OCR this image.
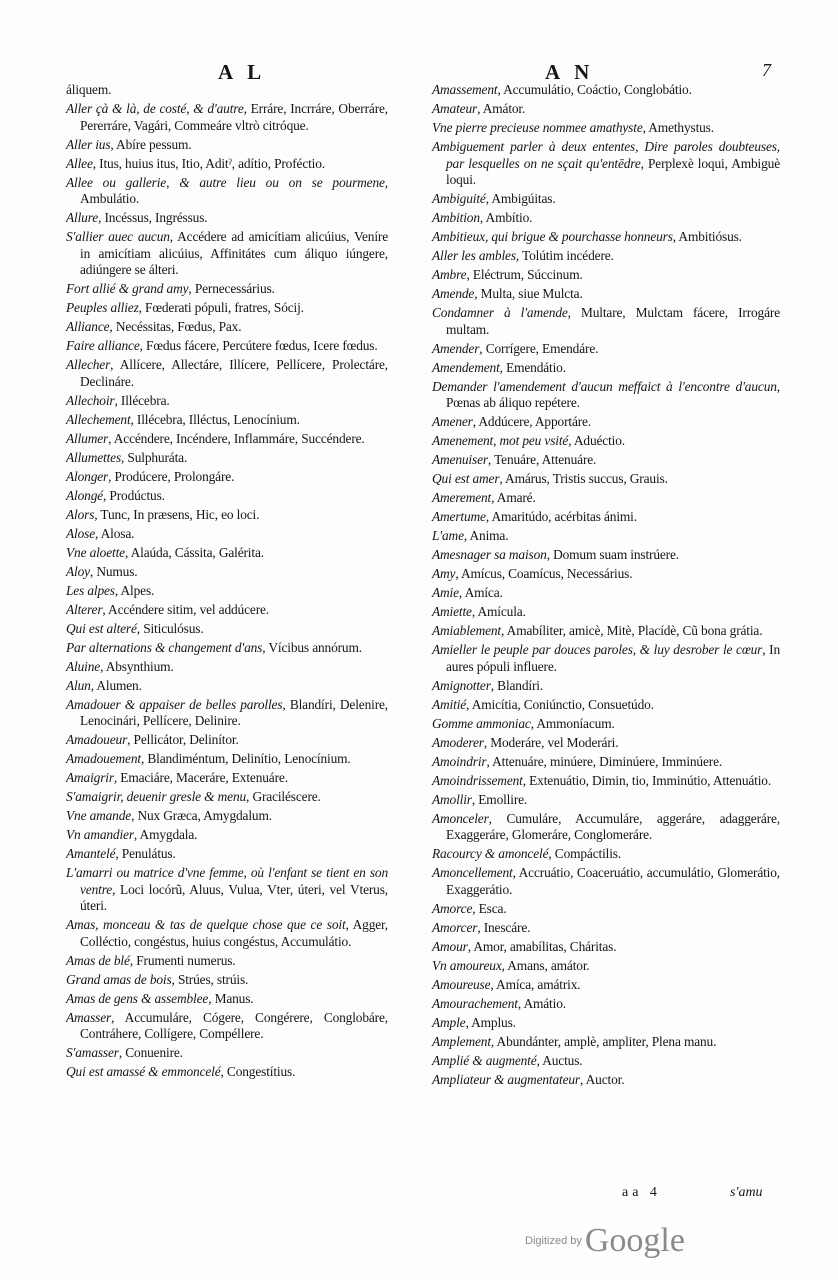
AL	AN	7

áliquem.

Aller çà & là, de costé, & d'autre, Erráre, Incrráre, Oberráre, Pererráre, Vagári, Commeáre vltrò citróque.

Aller ius, Abíre pessum.

Allee, Itus, huius itus, Itio, Aditˀ, adítio, Proféctio.

Allee ou gallerie, & autre lieu ou on se pourmene, Ambulátio.

Allure, Incéssus, Ingréssus.

S'allier auec aucun, Accédere ad amicítiam alicúius, Veníre in amicítiam alicúius, Affinitátes cum áliquo iúngere, adiúngere se álteri.

Fort allié & grand amy, Pernecessárius.

Peuples alliez, Fœderati pópuli, fratres, Sócij.

Alliance, Necéssitas, Fœdus, Pax.

Faire alliance, Fœdus fácere, Percútere fœdus, Icere fœdus.

Allecher, Allícere, Allectáre, Illícere, Pellícere, Prolectáre, Declináre.

Allechoir, Illécebra.

Allechement, Illécebra, Illéctus, Lenocínium.

Allumer, Accéndere, Incéndere, Inflammáre, Succéndere.

Allumettes, Sulphuráta.

Alonger, Prodúcere, Prolongáre.

Alongé, Prodúctus.

Alors, Tunc, In præsens, Hic, eo loci.

Alose, Alosa.

Vne aloette, Alaúda, Cássita, Galérita.

Aloy, Numus.

Les alpes, Alpes.

Alterer, Accéndere sitim, vel addúcere.

Qui est alteré, Siticulósus.

Par alternations & changement d'ans, Vícibus annórum.

Aluine, Absynthium.

Alun, Alumen.

Amadouer & appaiser de belles parolles, Blandíri, Delenire, Lenocinári, Pellícere, Delinire.

Amadoueur, Pellicátor, Delinítor.

Amadouement, Blandiméntum, Delinítio, Lenocínium.

Amaigrir, Emaciáre, Maceráre, Extenuáre.

S'amaigrir, deuenir gresle & menu, Graciléscere.

Vne amande, Nux Græca, Amygdalum.

Vn amandier, Amygdala.

Amantelé, Penulátus.

L'amarri ou matrice d'vne femme, où l'enfant se tient en son ventre, Loci locórũ, Aluus, Vulua, Vter, úteri, vel Vterus, úteri.

Amas, monceau & tas de quelque chose que ce soit, Agger, Colléctio, congéstus, huius congéstus, Accumulátio.

Amas de blé, Frumenti numerus.

Grand amas de bois, Strúes, strúis.

Amas de gens & assemblee, Manus.

Amasser, Accumuláre, Cógere, Congérere, Conglobáre, Contráhere, Collígere, Compéllere.

S'amasser, Conuenire.

Qui est amassé & emmoncelé, Congestítius.

Amassement, Accumulátio, Coáctio, Conglobátio.

Amateur, Amátor.

Vne pierre precieuse nommee amathyste, Amethystus.

Ambiguement parler à deux ententes, Dire paroles doubteuses, par lesquelles on ne sçait qu'entēdre, Perplexè loqui, Ambiguè loqui.

Ambiguité, Ambigúitas.

Ambition, Ambítio.

Ambitieux, qui brigue & pourchasse honneurs, Ambitiósus.

Aller les ambles, Tolútim incédere.

Ambre, Eléctrum, Súccinum.

Amende, Multa, siue Mulcta.

Condamner à l'amende, Multare, Mulctam fácere, Irrogáre multam.

Amender, Corrígere, Emendáre.

Amendement, Emendátio.

Demander l'amendement d'aucun meffaict à l'encontre d'aucun, Pœnas ab áliquo repétere.

Amener, Addúcere, Apportáre.

Amenement, mot peu vsité, Aduéctio.

Amenuiser, Tenuáre, Attenuáre.

Qui est amer, Amárus, Tristis succus, Grauis.

Amerement, Amaré.

Amertume, Amaritúdo, acérbitas ánimi.

L'ame, Anima.

Amesnager sa maison, Domum suam instrúere.

Amy, Amícus, Coamícus, Necessárius.

Amie, Amíca.

Amiette, Amícula.

Amiablement, Amabíliter, amicè, Mitè, Placídè, Cũ bona grátia.

Amieller le peuple par douces paroles, & luy desrober le cœur, In aures pópuli influere.

Amignotter, Blandíri.

Amitié, Amicítia, Coniúnctio, Consuetúdo.

Gomme ammoniac, Ammoníacum.

Amoderer, Moderáre, vel Moderári.

Amoindrir, Attenuáre, minúere, Diminúere, Imminúere.

Amoindrissement, Extenuátio, Dimin, tio, Imminútio, Attenuátio.

Amollir, Emollire.

Amonceler, Cumuláre, Accumuláre, aggeráre, adaggeráre, Exaggeráre, Glomeráre, Conglomeráre.

Racourcy & amoncelé, Compáctilis.

Amoncellement, Accruátio, Coaceruátio, accumulátio, Glomerátio, Exaggerátio.

Amorce, Esca.

Amorcer, Inescáre.

Amour, Amor, amabílitas, Cháritas.

Vn amoureux, Amans, amátor.

Amoureuse, Amíca, amátrix.

Amourachement, Amátio.

Ample, Amplus.

Amplement, Abundánter, amplè, ampliter, Plena manu.

Amplié & augmenté, Auctus.

Ampliateur & augmentateur, Auctor.

aa 4	s'amu
Digitized byGoogle
